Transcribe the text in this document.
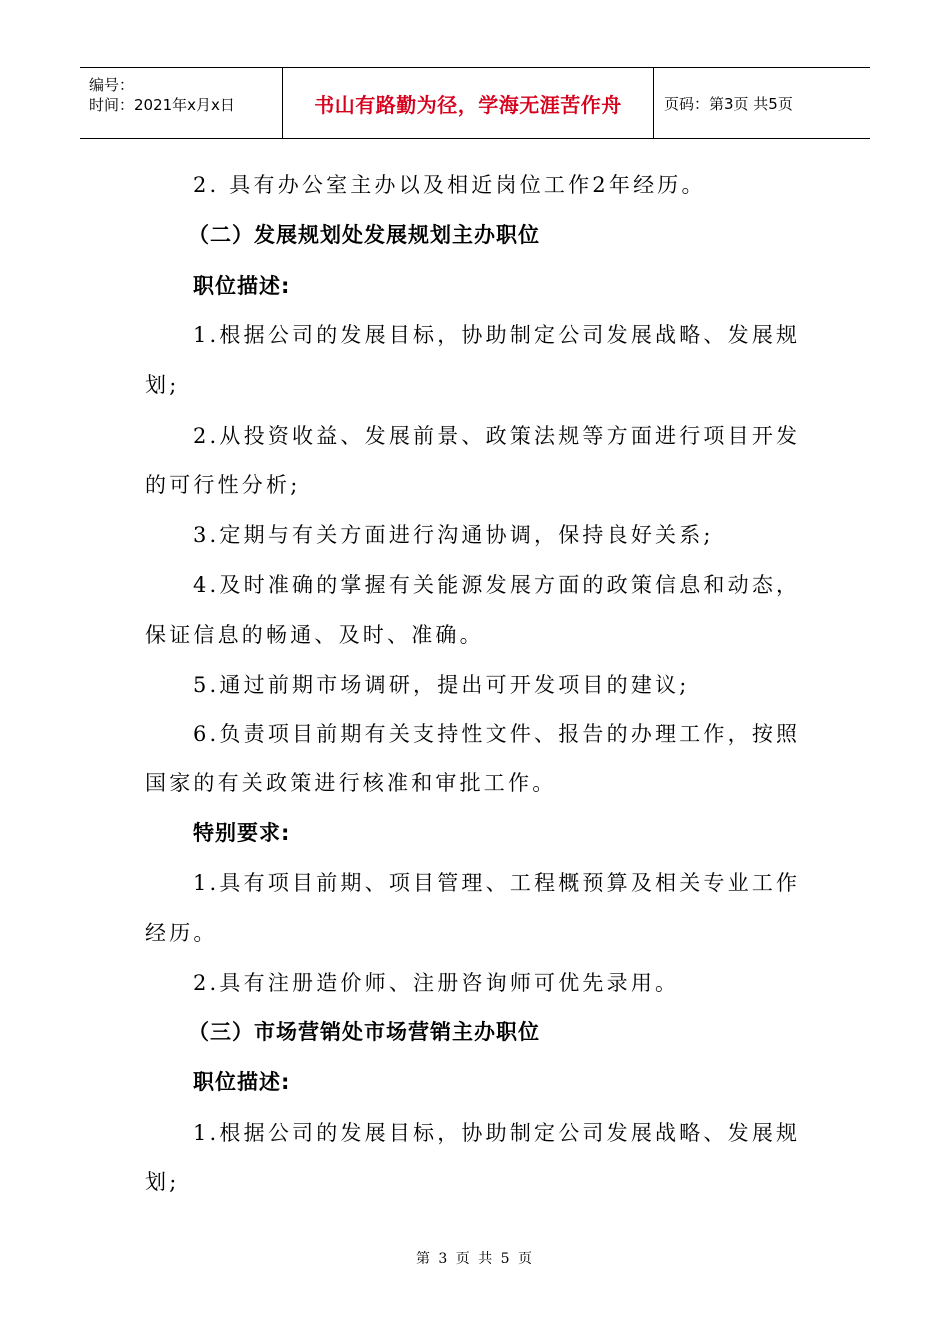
编号：
时间：2021年x月x日	书山有路勤为径，学海无涯苦作舟	页码：第3页 共5页
2. 具有办公室主办以及相近岗位工作2年经历。
（二）发展规划处发展规划主办职位
职位描述:
1.根据公司的发展目标，协助制定公司发展战略、发展规
划;
2.从投资收益、发展前景、政策法规等方面进行项目开发
的可行性分析;
3.定期与有关方面进行沟通协调，保持良好关系;
4.及时准确的掌握有关能源发展方面的政策信息和动态，
保证信息的畅通、及时、准确。
5.通过前期市场调研，提出可开发项目的建议;
6.负责项目前期有关支持性文件、报告的办理工作，按照
国家的有关政策进行核准和审批工作。
特别要求:
1.具有项目前期、项目管理、工程概预算及相关专业工作
经历。
2.具有注册造价师、注册咨询师可优先录用。
（三）市场营销处市场营销主办职位
职位描述:
1.根据公司的发展目标，协助制定公司发展战略、发展规
划;
第 3 页 共 5 页
